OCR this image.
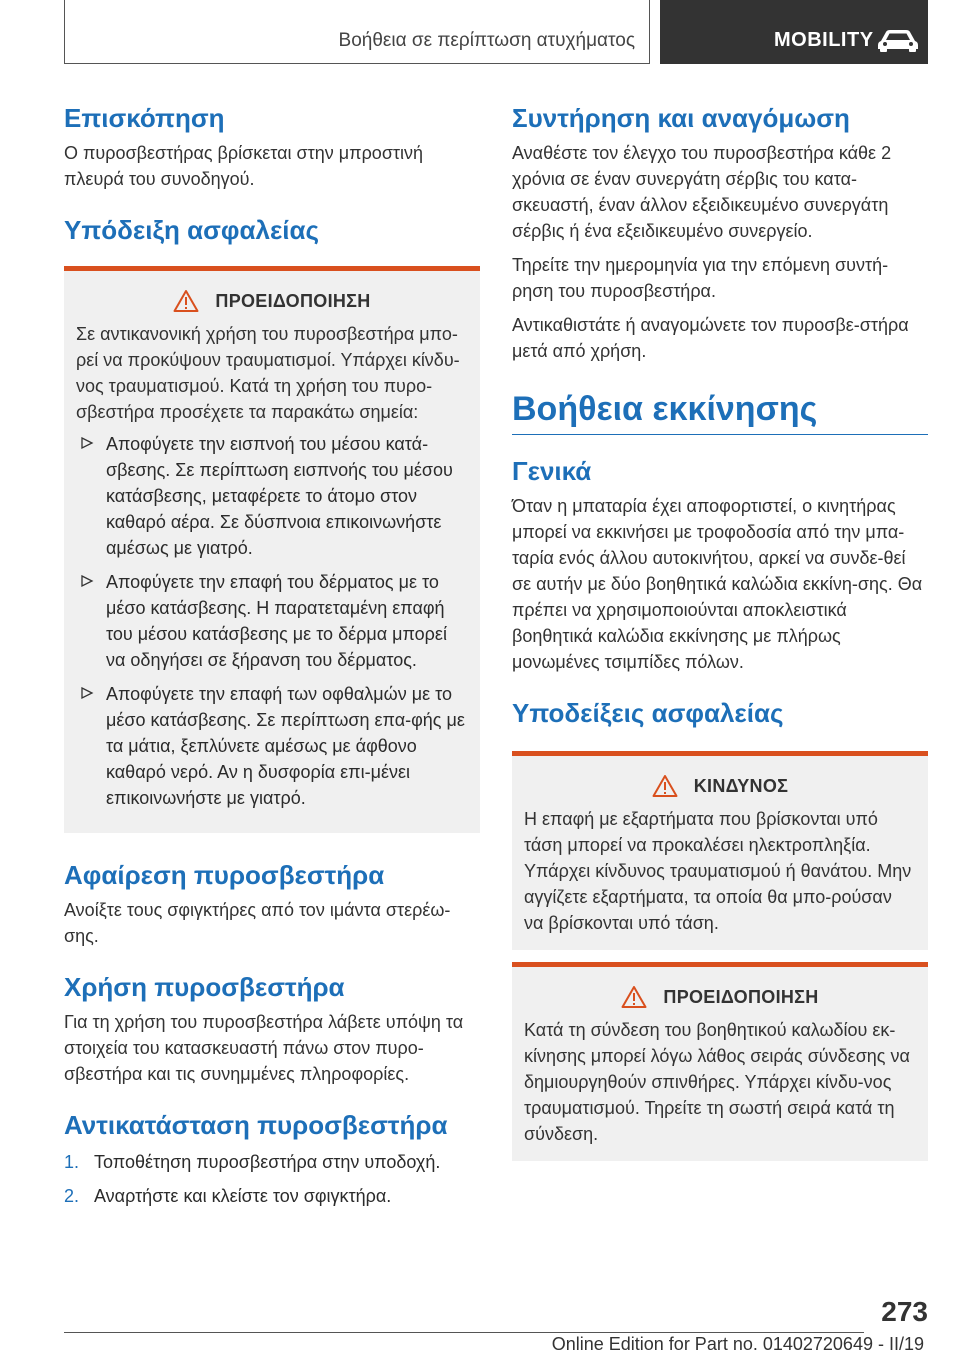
Βοήθεια σε περίπτωση ατυχήματος	MOBILITY
Επισκόπηση

Ο πυροσβεστήρας βρίσκεται στην μπροστινή πλευρά του συνοδηγού.

Υπόδειξη ασφαλείας
ΠΡΟΕΙΔΟΠΟΙΗΣΗ

Σε αντικανονική χρήση του πυροσβεστήρα μπο-ρεί να προκύψουν τραυματισμοί. Υπάρχει κίνδυ-νος τραυματισμού. Κατά τη χρήση του πυρο-σβεστήρα προσέχετε τα παρακάτω σημεία:

Αποφύγετε την εισπνοή του μέσου κατά-σβεσης. Σε περίπτωση εισπνοής του μέσου κατάσβεσης, μεταφέρετε το άτομο στον καθαρό αέρα. Σε δύσπνοια επικοινωνήστε αμέσως με γιατρό.
Αποφύγετε την επαφή του δέρματος με το μέσο κατάσβεσης. Η παρατεταμένη επαφή του μέσου κατάσβεσης με το δέρμα μπορεί να οδηγήσει σε ξήρανση του δέρματος.
Αποφύγετε την επαφή των οφθαλμών με το μέσο κατάσβεσης. Σε περίπτωση επα-φής με τα μάτια, ξεπλύνετε αμέσως με άφθονο καθαρό νερό. Αν η δυσφορία επι-μένει επικοινωνήστε με γιατρό.
Αφαίρεση πυροσβεστήρα

Ανοίξτε τους σφιγκτήρες από τον ιμάντα στερέω-σης.

Χρήση πυροσβεστήρα

Για τη χρήση του πυροσβεστήρα λάβετε υπόψη τα στοιχεία του κατασκευαστή πάνω στον πυρο-σβεστήρα και τις συνημμένες πληροφορίες.

Αντικατάσταση πυροσβεστήρα
1. Τοποθέτηση πυροσβεστήρα στην υποδοχή.
2. Αναρτήστε και κλείστε τον σφιγκτήρα.
Συντήρηση και αναγόμωση

Αναθέστε τον έλεγχο του πυροσβεστήρα κάθε 2 χρόνια σε έναν συνεργάτη σέρβις του κατα-σκευαστή, έναν άλλον εξειδικευμένο συνεργάτη σέρβις ή ένα εξειδικευμένο συνεργείο.

Τηρείτε την ημερομηνία για την επόμενη συντή-ρηση του πυροσβεστήρα.

Αντικαθιστάτε ή αναγομώνετε τον πυροσβε-στήρα μετά από χρήση.

Βοήθεια εκκίνησης
Γενικά

Όταν η μπαταρία έχει αποφορτιστεί, ο κινητήρας μπορεί να εκκινήσει με τροφοδοσία από την μπα-ταρία ενός άλλου αυτοκινήτου, αρκεί να συνδε-θεί σε αυτήν με δύο βοηθητικά καλώδια εκκίνη-σης. Θα πρέπει να χρησιμοποιούνται αποκλειστικά βοηθητικά καλώδια εκκίνησης με πλήρως μονωμένες τσιμπίδες πόλων.

Υποδείξεις ασφαλείας
ΚΙΝΔΥΝΟΣ

Η επαφή με εξαρτήματα που βρίσκονται υπό τάση μπορεί να προκαλέσει ηλεκτροπληξία. Υπάρχει κίνδυνος τραυματισμού ή θανάτου. Μην αγγίζετε εξαρτήματα, τα οποία θα μπο-ρούσαν να βρίσκονται υπό τάση.

ΠΡΟΕΙΔΟΠΟΙΗΣΗ

Κατά τη σύνδεση του βοηθητικού καλωδίου εκ-κίνησης μπορεί λόγω λάθος σειράς σύνδεσης να δημιουργηθούν σπινθήρες. Υπάρχει κίνδυ-νος τραυματισμού. Τηρείτε τη σωστή σειρά κατά τη σύνδεση.

273
Online Edition for Part no. 01402720649 - II/19
